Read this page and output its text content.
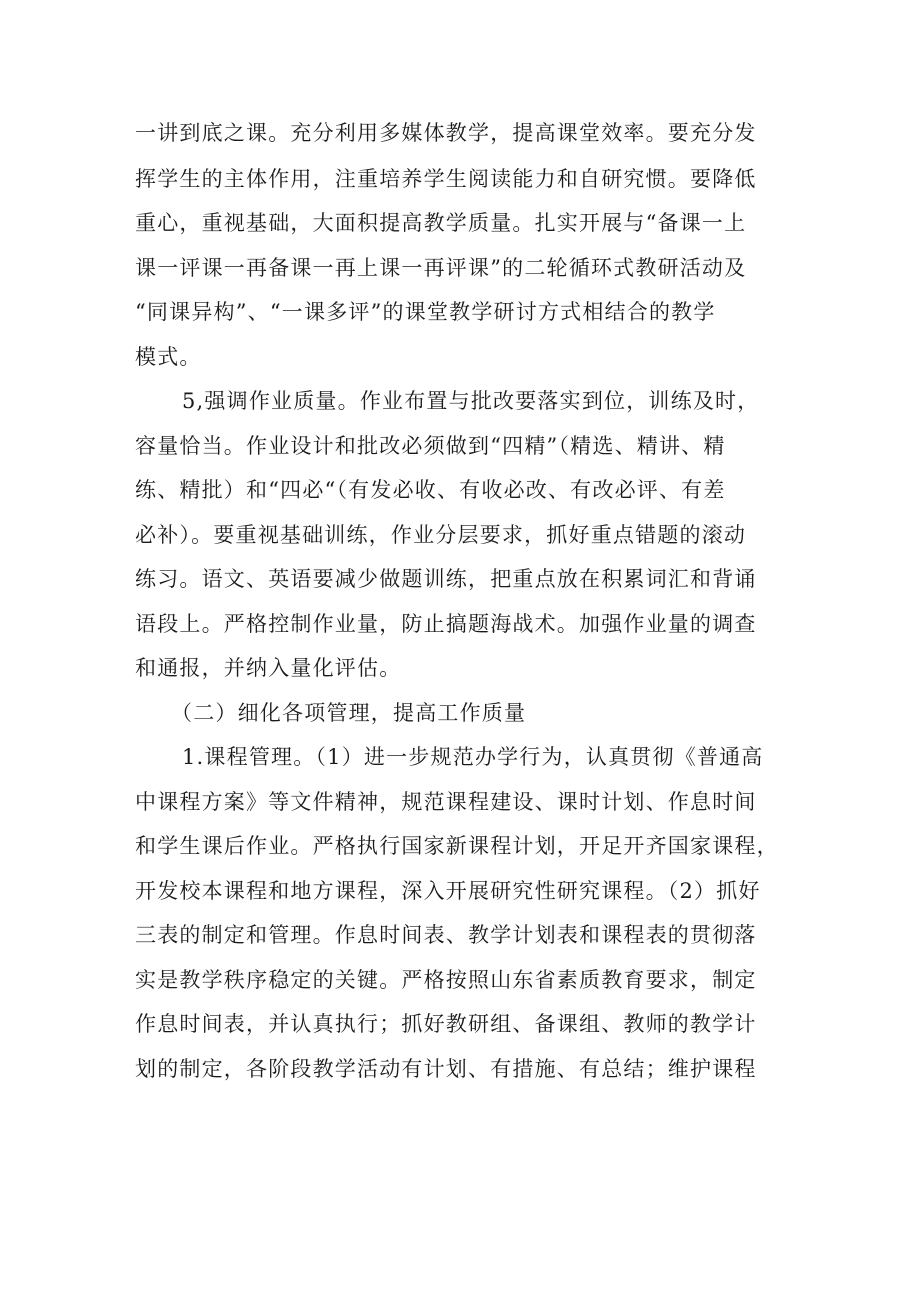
一讲到底之课。充分利用多媒体教学，提高课堂效率。要充分发
挥学生的主体作用，注重培养学生阅读能力和自研究惯。要降低
重心，重视基础，大面积提高教学质量。扎实开展与“备课一上
课一评课一再备课一再上课一再评课”的二轮循环式教研活动及
“同课异构”、“一课多评”的课堂教学研讨方式相结合的教学
模式。
5,强调作业质量。作业布置与批改要落实到位，训练及时，
容量恰当。作业设计和批改必须做到“四精”（精选、精讲、精
练、精批）和“四必“（有发必收、有收必改、有改必评、有差
必补）。要重视基础训练，作业分层要求，抓好重点错题的滚动
练习。语文、英语要减少做题训练，把重点放在积累词汇和背诵
语段上。严格控制作业量，防止搞题海战术。加强作业量的调查
和通报，并纳入量化评估。
（二）细化各项管理，提高工作质量
1.课程管理。（1）进一步规范办学行为，认真贯彻《普通高
中课程方案》等文件精神，规范课程建设、课时计划、作息时间
和学生课后作业。严格执行国家新课程计划，开足开齐国家课程，
开发校本课程和地方课程，深入开展研究性研究课程。（2）抓好
三表的制定和管理。作息时间表、教学计划表和课程表的贯彻落
实是教学秩序稳定的关键。严格按照山东省素质教育要求，制定
作息时间表，并认真执行；抓好教研组、备课组、教师的教学计
划的制定，各阶段教学活动有计划、有措施、有总结；维护课程
